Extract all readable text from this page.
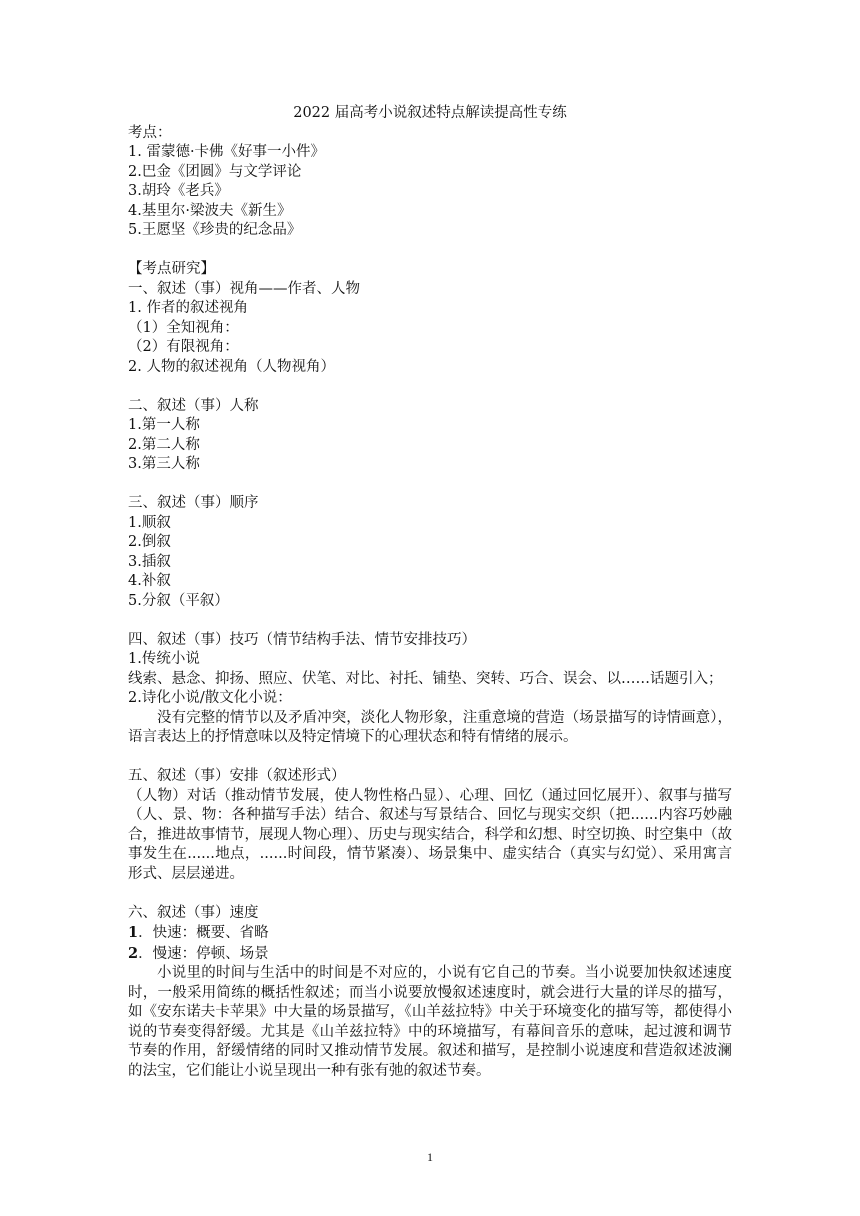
2022 届高考小说叙述特点解读提高性专练

考点：

1. 雷蒙德·卡佛《好事一小件》

2.巴金《团圆》与文学评论

3.胡玲《老兵》

4.基里尔·梁波夫《新生》

5.王愿坚《珍贵的纪念品》

【考点研究】

一、叙述（事）视角——作者、人物

1. 作者的叙述视角

（1）全知视角：

（2）有限视角：

2. 人物的叙述视角（人物视角）

二、叙述（事）人称

1.第一人称

2.第二人称

3.第三人称

三、叙述（事）顺序

1.顺叙

2.倒叙

3.插叙

4.补叙

5.分叙（平叙）

四、叙述（事）技巧（情节结构手法、情节安排技巧）

1.传统小说

线索、悬念、抑扬、照应、伏笔、对比、衬托、铺垫、突转、巧合、误会、以……话题引入；

2.诗化小说/散文化小说：

没有完整的情节以及矛盾冲突，淡化人物形象，注重意境的营造（场景描写的诗情画意），语言表达上的抒情意味以及特定情境下的心理状态和特有情绪的展示。

五、叙述（事）安排（叙述形式）

（人物）对话（推动情节发展，使人物性格凸显）、心理、回忆（通过回忆展开）、叙事与描写（人、景、物：各种描写手法）结合、叙述与写景结合、回忆与现实交织（把......内容巧妙融合，推进故事情节，展现人物心理）、历史与现实结合，科学和幻想、时空切换、时空集中（故事发生在......地点，......时间段，情节紧凑）、场景集中、虚实结合（真实与幻觉）、采用寓言形式、层层递进。

六、叙述（事）速度

1．快速：概要、省略

2．慢速：停顿、场景

小说里的时间与生活中的时间是不对应的，小说有它自己的节奏。当小说要加快叙述速度时，一般采用简练的概括性叙述；而当小说要放慢叙述速度时，就会进行大量的详尽的描写，如《安东诺夫卡苹果》中大量的场景描写，《山羊兹拉特》中关于环境变化的描写等，都使得小说的节奏变得舒缓。尤其是《山羊兹拉特》中的环境描写，有幕间音乐的意味，起过渡和调节节奏的作用，舒缓情绪的同时又推动情节发展。叙述和描写，是控制小说速度和营造叙述波澜的法宝，它们能让小说呈现出一种有张有弛的叙述节奏。

1
